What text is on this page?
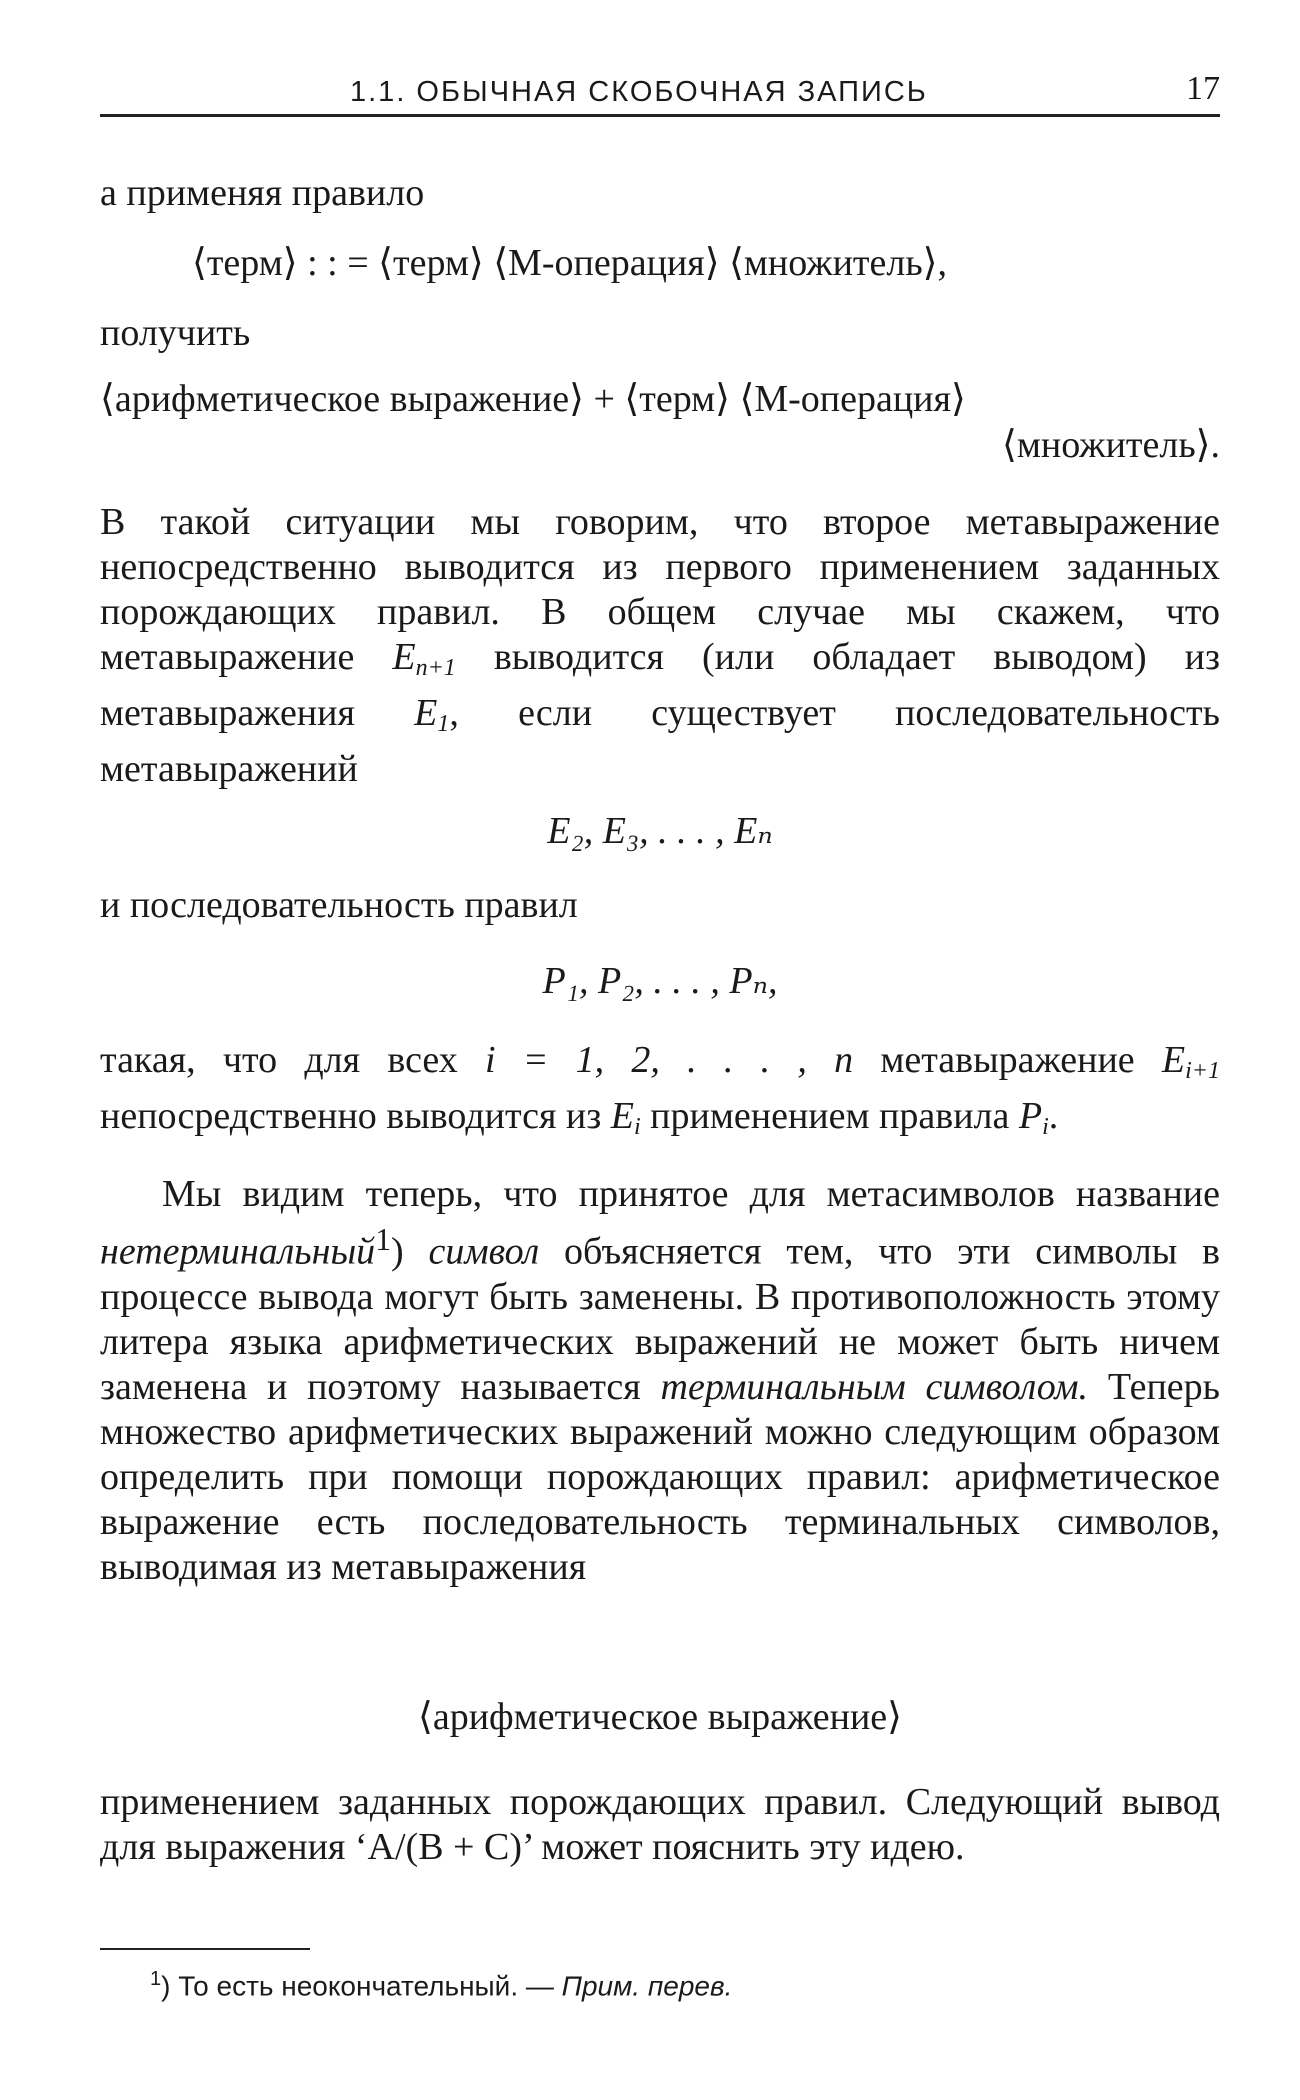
1.1. ОБЫЧНАЯ СКОБОЧНАЯ ЗАПИСЬ	17
а применяя правило
⟨терм⟩ : : = ⟨терм⟩ ⟨М-операция⟩ ⟨множитель⟩,
получить
⟨арифметическое выражение⟩ + ⟨терм⟩ ⟨М-операция⟩
⟨множитель⟩.
В такой ситуации мы говорим, что второе метавыражение непосредственно выводится из первого применением заданных порождающих правил. В общем случае мы скажем, что метавыражение $E_{n+1}$ выводится (или обладает выводом) из метавыражения $E_1$, если существует последовательность метавыражений
E₂, E₃, . . . , Eₙ
и последовательность правил
P₁, P₂, . . . , Pₙ,
такая, что для всех i = 1, 2, . . . , n метавыражение $E_{i+1}$ непосредственно выводится из $E_i$ применением правила $P_i$.
Мы видим теперь, что принятое для метасимволов название нетерминальный$^1$) символ объясняется тем, что эти символы в процессе вывода могут быть заменены. В противоположность этому литера языка арифметических выражений не может быть ничем заменена и поэтому называется терминальным символом. Теперь множество арифметических выражений можно следующим образом определить при помощи порождающих правил: арифметическое выражение есть последовательность терминальных символов, выводимая из метавыражения
⟨арифметическое выражение⟩
применением заданных порождающих правил. Следующий вывод для выражения ‘A/(B + C)’ может пояснить эту идею.
$^1$) То есть неокончательный. — Прим. перев.
